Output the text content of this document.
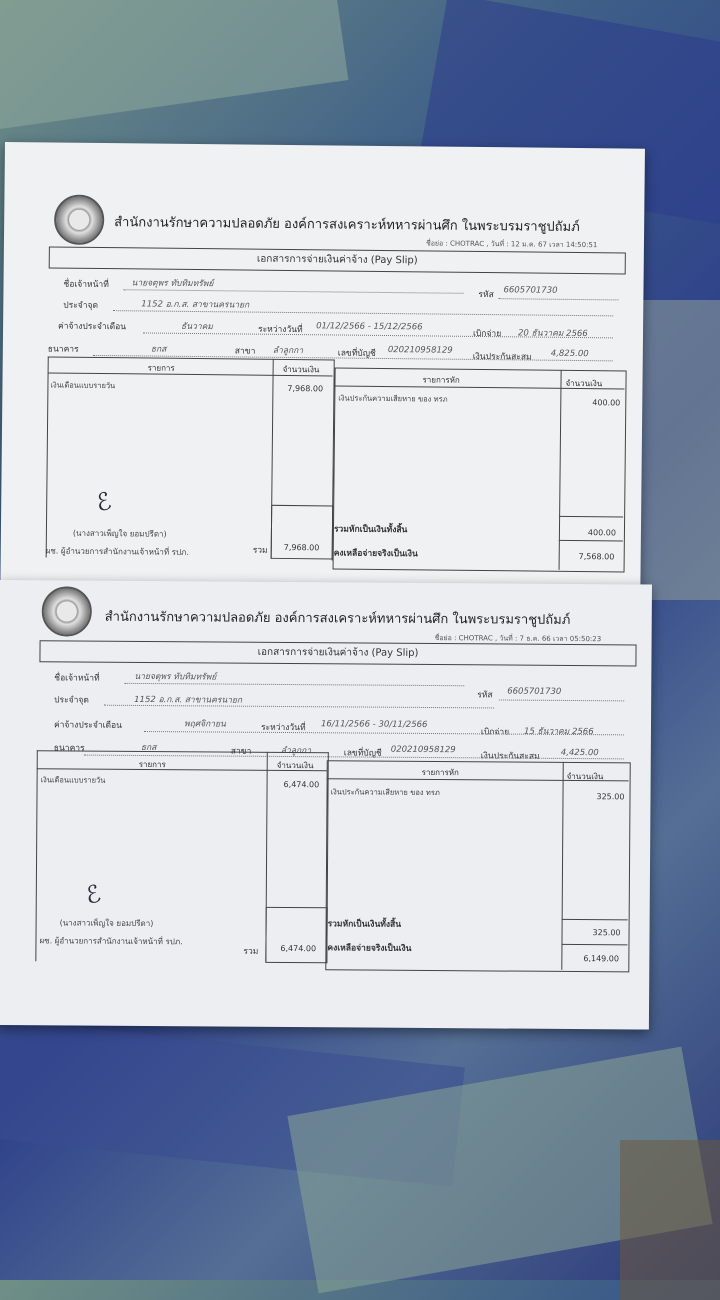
สำนักงานรักษาความปลอดภัย องค์การสงเคราะห์ทหารผ่านศึก ในพระบรมราชูปถัมภ์
ชื่อย่อ : CHOTRAC , วันที่ : 12 ม.ค. 67 เวลา 14:50:51
เอกสารการจ่ายเงินค่าจ้าง (Pay Slip)
ชื่อเจ้าหน้าที่	นายจตุพร ทับทิมทรัพย์
รหัส 6605701730
ประจำจุด	1152 อ.ก.ส. สาขานครนายก
ค่าจ้างประจำเดือน	ธันวาคม	ระหว่างวันที่ 01/12/2566 - 15/12/2566
เบิกจ่าย 20 ธันวาคม 2566
ธนาคาร	ธกส	สาขา ลำลูกกา	เลขที่บัญชี 020210958129
เงินประกันสะสม 4,825.00
รายการ	จำนวนเงิน
เงินเดือนแบบรายวัน	7,968.00
รายการหัก	จำนวนเงิน
เงินประกันความเสียหาย ของ ทรภ	400.00
ℰ
(นางสาวเพ็ญใจ ยอมปรีดา)
ผช. ผู้อำนวยการสำนักงานเจ้าหน้าที่ รปภ.	รวม 7,968.00
รวมหักเป็นเงินทั้งสิ้น	400.00
คงเหลือจ่ายจริงเป็นเงิน	7,568.00
สำนักงานรักษาความปลอดภัย องค์การสงเคราะห์ทหารผ่านศึก ในพระบรมราชูปถัมภ์
ชื่อย่อ : CHOTRAC , วันที่ : 7 ธ.ค. 66 เวลา 05:50:23
เอกสารการจ่ายเงินค่าจ้าง (Pay Slip)
ชื่อเจ้าหน้าที่	นายจตุพร ทับทิมทรัพย์
รหัส 6605701730
ประจำจุด	1152 อ.ก.ส. สาขานครนายก
ค่าจ้างประจำเดือน	พฤศจิกายน	ระหว่างวันที่ 16/11/2566 - 30/11/2566
เบิกจ่าย 15 ธันวาคม 2566
ธนาคาร	ธกส	สาขา	ลำลูกกา	เลขที่บัญชี 020210958129
เงินประกันสะสม 4,425.00
รายการ	จำนวนเงิน
เงินเดือนแบบรายวัน	6,474.00
รายการหัก	จำนวนเงิน
เงินประกันความเสียหาย ของ ทรภ	325.00
ℰ
(นางสาวเพ็ญใจ ยอมปรีดา)
ผช. ผู้อำนวยการสำนักงานเจ้าหน้าที่ รปภ.
รวม	6,474.00
รวมหักเป็นเงินทั้งสิ้น
325.00
คงเหลือจ่ายจริงเป็นเงิน
6,149.00
